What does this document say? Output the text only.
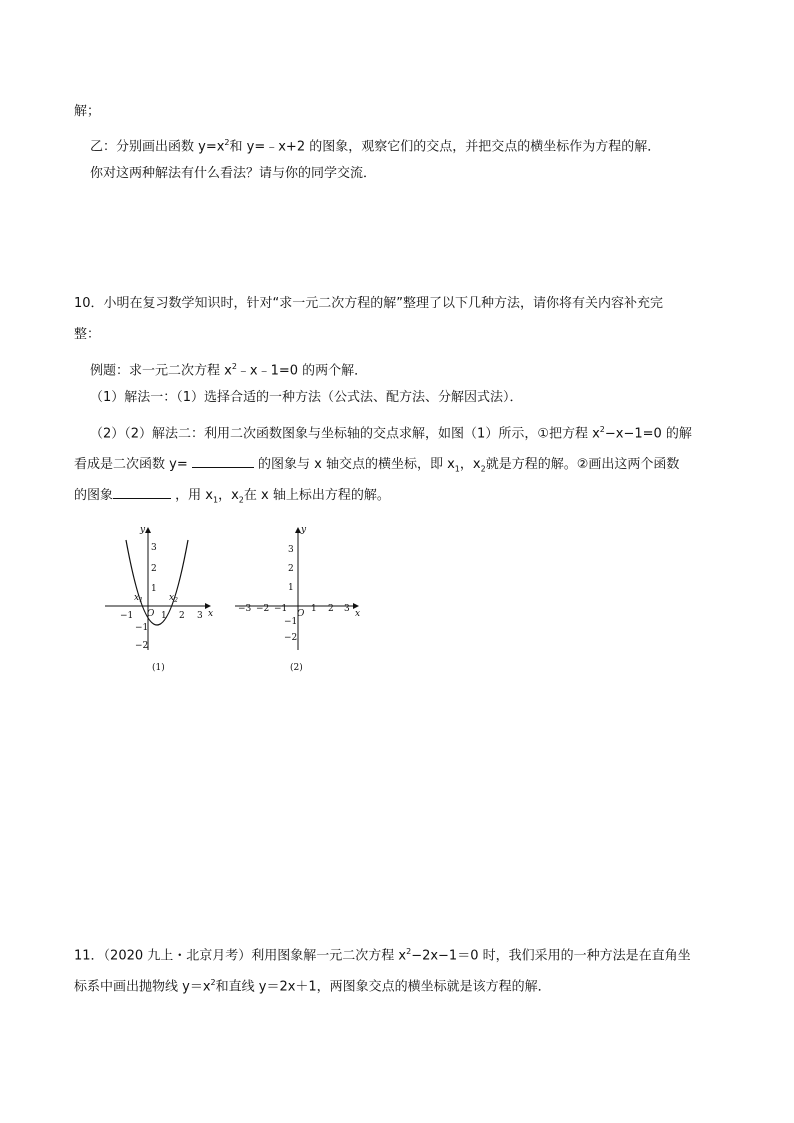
解；
乙：分别画出函数 $y=x^2$和 y=﹣x+2 的图象，观察它们的交点，并把交点的横坐标作为方程的解．
你对这两种解法有什么看法？请与你的同学交流．
10．小明在复习数学知识时，针对“求一元二次方程的解”整理了以下几种方法，请你将有关内容补充完
整：
例题：求一元二次方程 $x^2﹣x﹣1=0$ 的两个解．
（1）解法一：（1）选择合适的一种方法（公式法、配方法、分解因式法）．
（2）（2）解法二：利用二次函数图象与坐标轴的交点求解，如图（1）所示，①把方程 $x^2-x-1=0$ 的解
看成是二次函数 y=	的图象与 x 轴交点的横坐标，即 $x_1$，$x_2$就是方程的解。②画出这两个函数
的图象	，用 $x_1$，$x_2$在 x 轴上标出方程的解。
y
x
O
−1	1 2 3
3
2
1
−1
−2
$x_1$	$x_2$
(1)
y
x
O
−3 −2 −1	1 2 3
3
2
1
−1
−2
(2)
11．（2020 九上・北京月考）利用图象解一元二次方程 $x^2-2x-1=0$ 时，我们采用的一种方法是在直角坐
标系中画出抛物线 $y=x^2$和直线 y＝2x＋1，两图象交点的横坐标就是该方程的解．
